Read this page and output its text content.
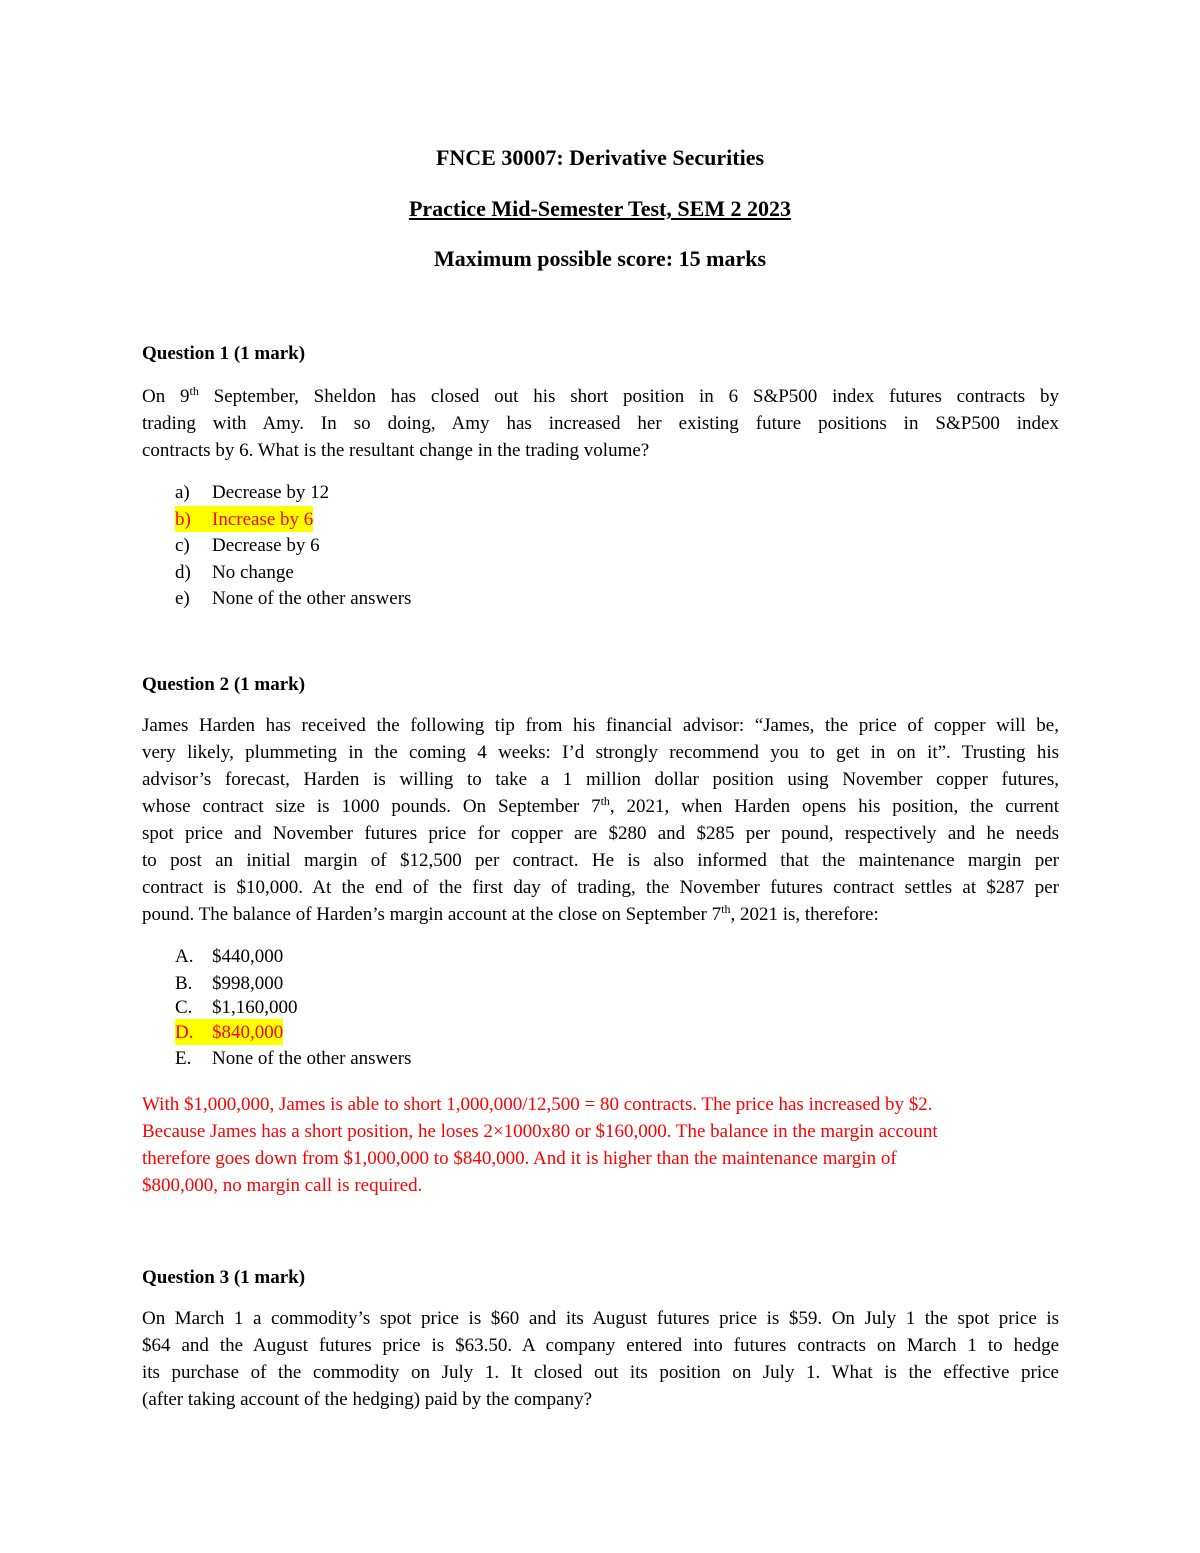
FNCE 30007: Derivative Securities
Practice Mid-Semester Test, SEM 2 2023
Maximum possible score: 15 marks
Question 1 (1 mark)
On 9th September, Sheldon has closed out his short position in 6 S&P500 index futures contracts by
trading with Amy. In so doing, Amy has increased her existing future positions in S&P500 index
contracts by 6. What is the resultant change in the trading volume?
a)	Decrease by 12
b)	Increase by 6
c)	Decrease by 6
d)	No change
e)	None of the other answers
Question 2 (1 mark)
James Harden has received the following tip from his financial advisor: “James, the price of copper will be,
very likely, plummeting in the coming 4 weeks: I’d strongly recommend you to get in on it”. Trusting his
advisor’s forecast, Harden is willing to take a 1 million dollar position using November copper futures,
whose contract size is 1000 pounds. On September 7th, 2021, when Harden opens his position, the current
spot price and November futures price for copper are $280 and $285 per pound, respectively and he needs
to post an initial margin of $12,500 per contract. He is also informed that the maintenance margin per
contract is $10,000. At the end of the first day of trading, the November futures contract settles at $287 per
pound. The balance of Harden’s margin account at the close on September 7th, 2021 is, therefore:
A. $440,000
B.	$998,000
C.	$1,160,000
D. $840,000
E.	None of the other answers
With $1,000,000, James is able to short 1,000,000/12,500 = 80 contracts. The price has increased by $2.
Because James has a short position, he loses 2×1000x80 or $160,000. The balance in the margin account
therefore goes down from $1,000,000 to $840,000. And it is higher than the maintenance margin of
$800,000, no margin call is required.
Question 3 (1 mark)
On March 1 a commodity’s spot price is $60 and its August futures price is $59. On July 1 the spot price is
$64 and the August futures price is $63.50. A company entered into futures contracts on March 1 to hedge
its purchase of the commodity on July 1. It closed out its position on July 1. What is the effective price
(after taking account of the hedging) paid by the company?
